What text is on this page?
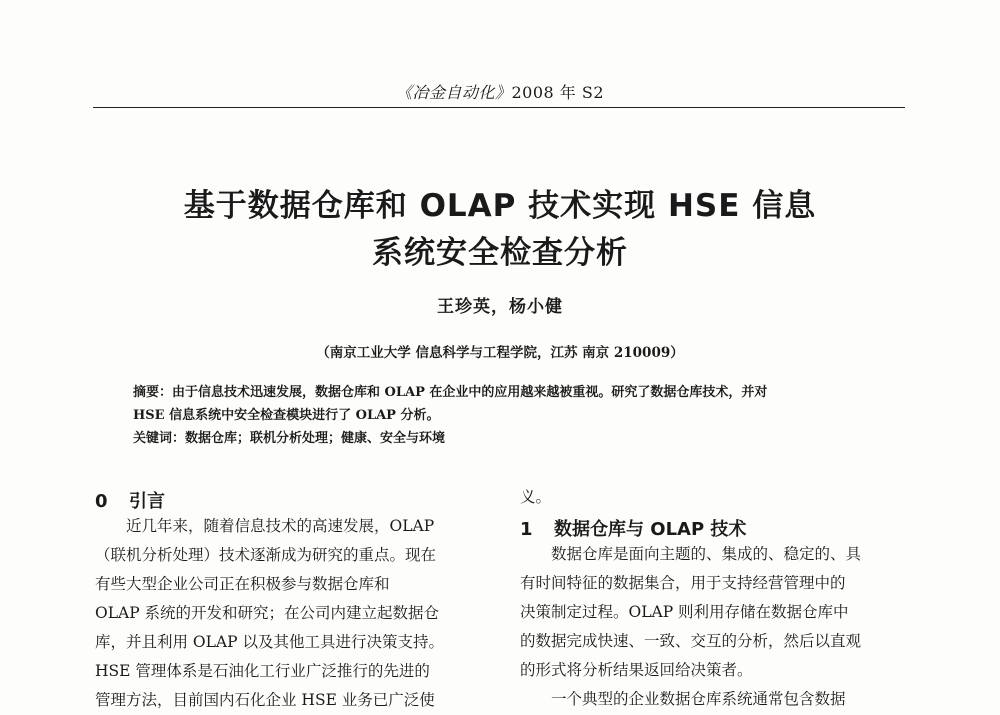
《冶金自动化》2008 年 S2
基于数据仓库和 OLAP 技术实现 HSE 信息
系统安全检查分析
王珍英，杨小健
（南京工业大学 信息科学与工程学院，江苏 南京 210009）
摘要：由于信息技术迅速发展，数据仓库和 OLAP 在企业中的应用越来越被重视。研究了数据仓库技术，并对
HSE 信息系统中安全检查模块进行了 OLAP 分析。
关键词：数据仓库；联机分析处理；健康、安全与环境
0 引言
近几年来，随着信息技术的高速发展，OLAP
（联机分析处理）技术逐渐成为研究的重点。现在
有些大型企业公司正在积极参与数据仓库和
OLAP 系统的开发和研究；在公司内建立起数据仓
库，并且利用 OLAP 以及其他工具进行决策支持。
HSE 管理体系是石油化工行业广泛推行的先进的
管理方法，目前国内石化企业 HSE 业务已广泛使
义。
1 数据仓库与 OLAP 技术
数据仓库是面向主题的、集成的、稳定的、具
有时间特征的数据集合，用于支持经营管理中的
决策制定过程。OLAP 则利用存储在数据仓库中
的数据完成快速、一致、交互的分析，然后以直观
的形式将分析结果返回给决策者。
一个典型的企业数据仓库系统通常包含数据
